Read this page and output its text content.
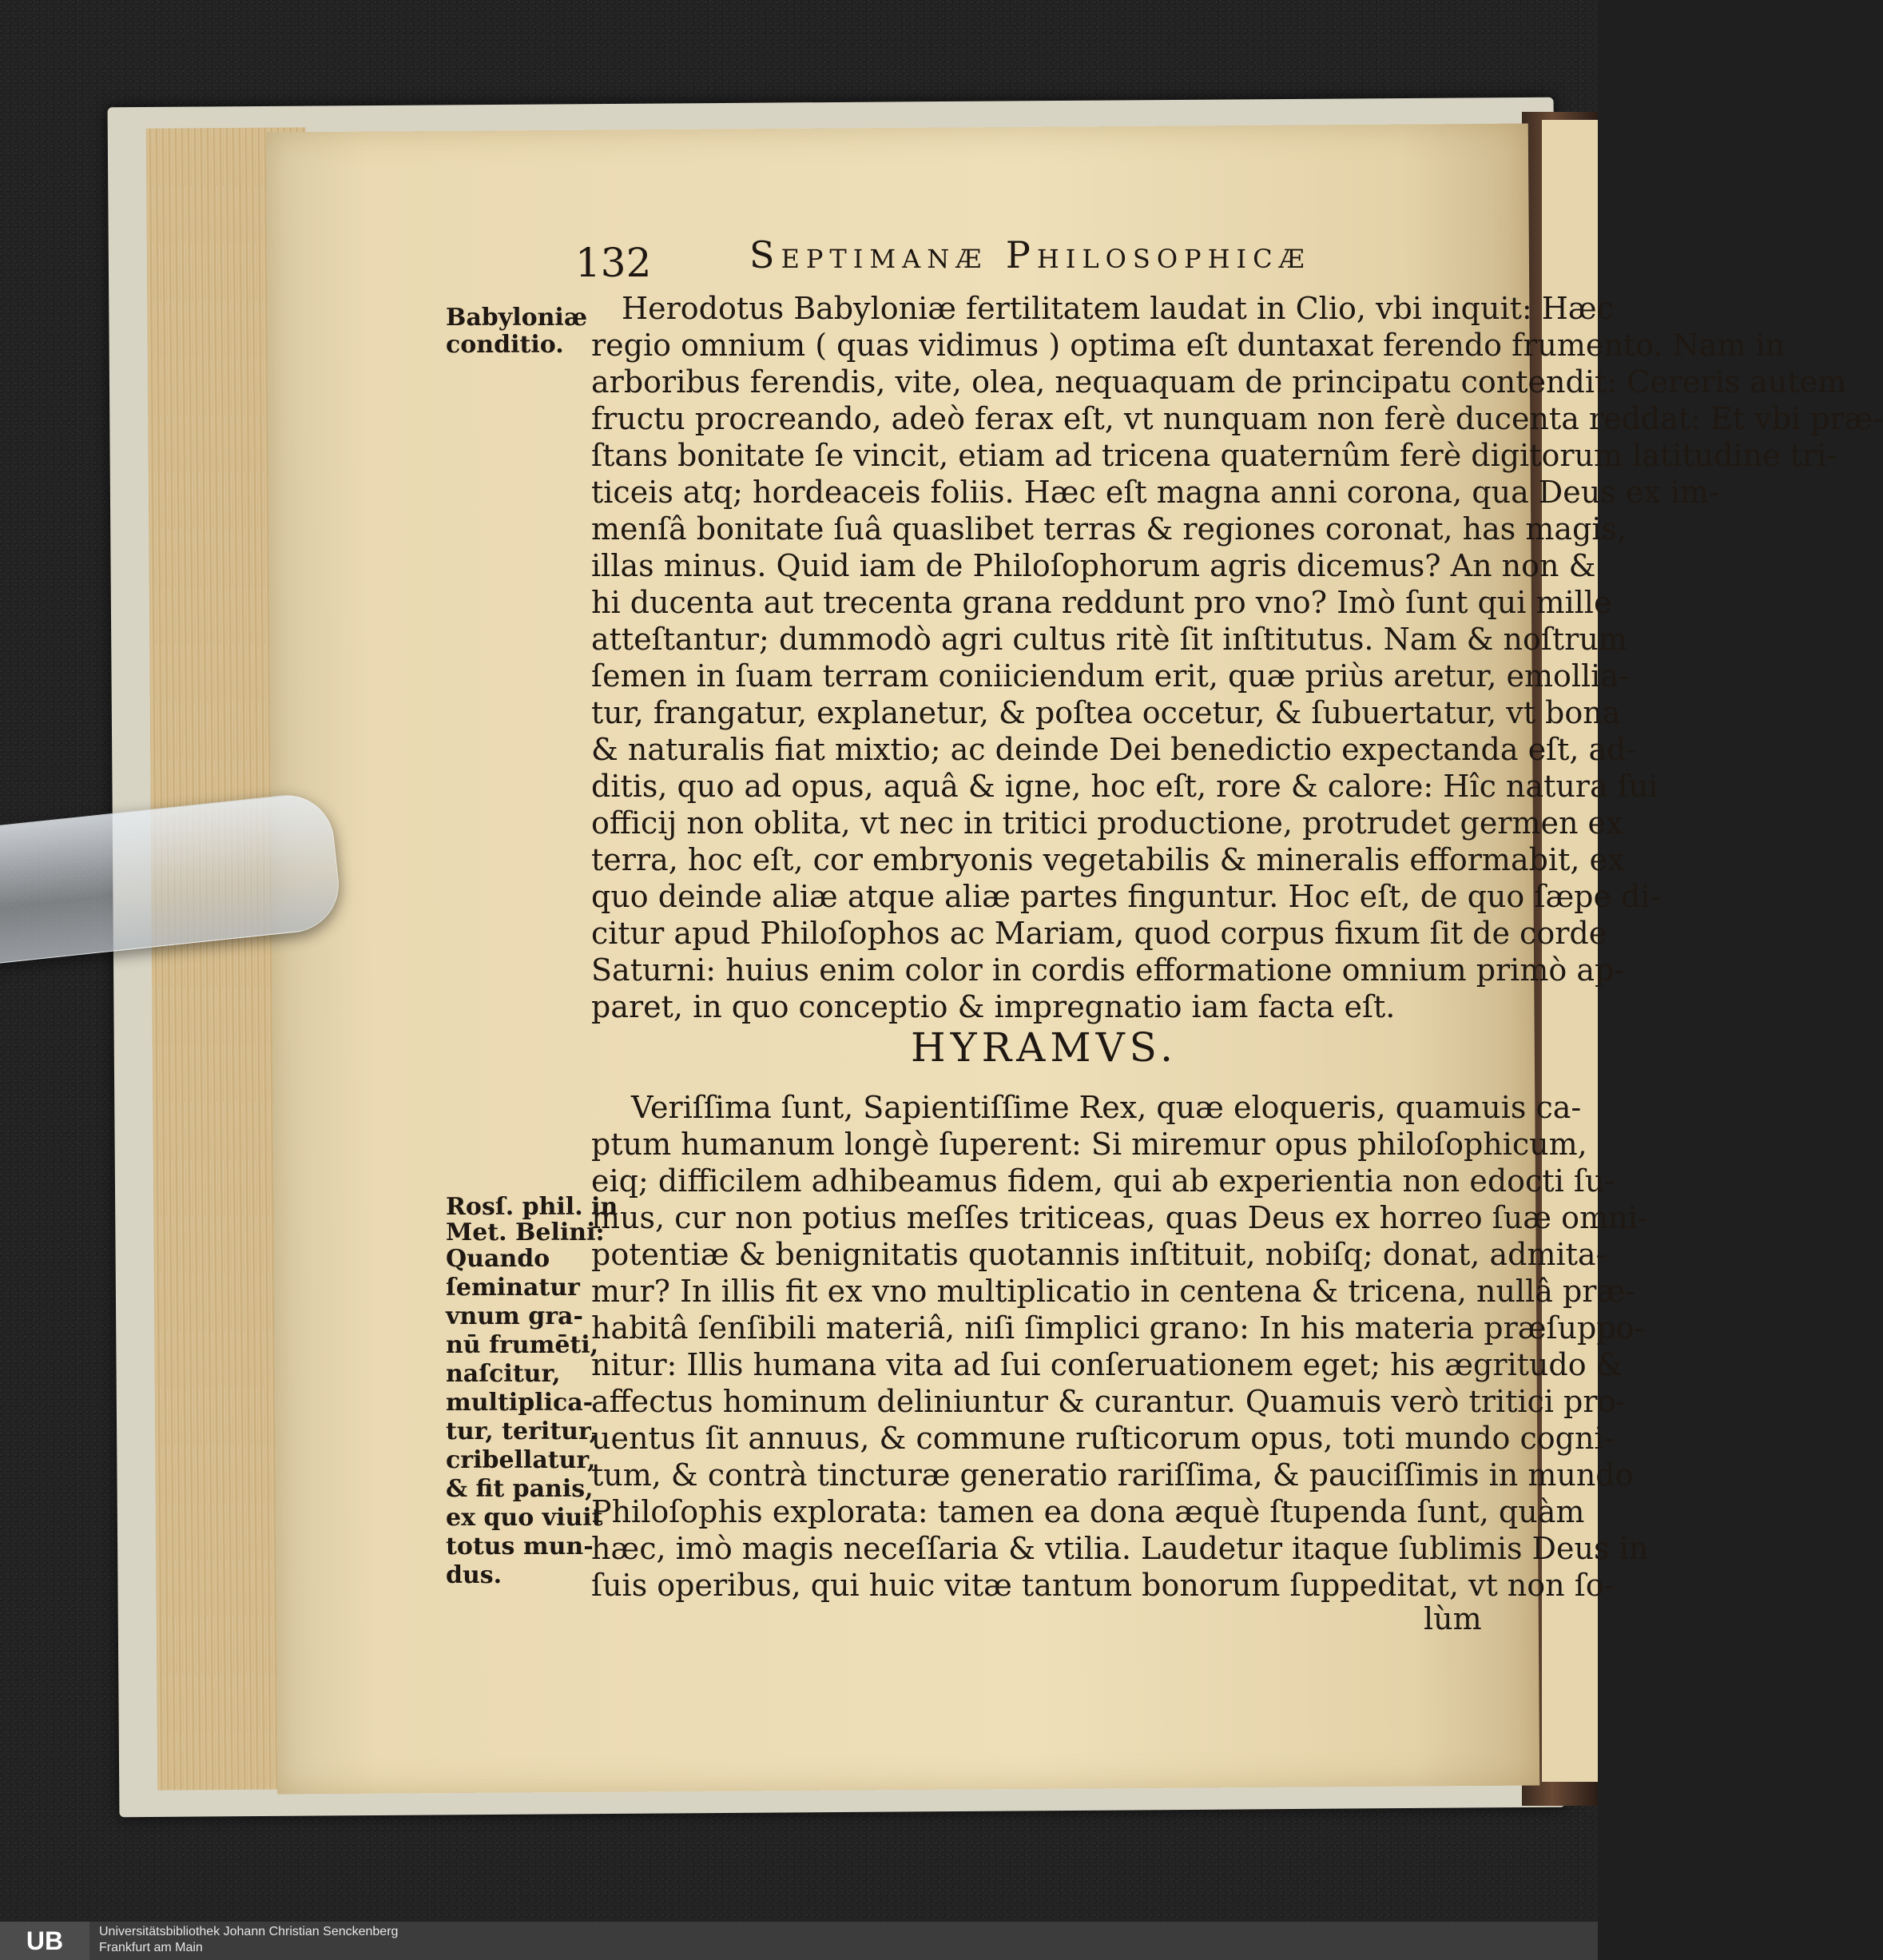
132	Septimanæ Philosophicæ
Babyloniæ
conditio.
Rosſ. phil. in
Met. Belini:
Quando
ſeminatur
vnum gra-
nū frumēti,
naſcitur,
multiplica-
tur, teritur,
cribellatur,
& fit panis,
ex quo viuit
totus mun-
dus.
Herodotus Babyloniæ fertilitatem laudat in Clio, vbi inquit: Hæc
regio omnium ( quas vidimus ) optima eſt duntaxat ferendo frumento. Nam in
arboribus ferendis, vite, olea, nequaquam de principatu contendit: Cereris autem
fructu procreando, adeò ferax eſt, vt nunquam non ferè ducenta reddat: Et vbi præ-
ſtans bonitate ſe vincit, etiam ad tricena quaternûm ferè digitorum latitudine tri-
ticeis atq; hordeaceis foliis. Hæc eſt magna anni corona, qua Deus ex im-
menſâ bonitate ſuâ quaslibet terras & regiones coronat, has magis,
illas minus. Quid iam de Philoſophorum agris dicemus? An non &
hi ducenta aut trecenta grana reddunt pro vno? Imò ſunt qui mille
atteſtantur; dummodò agri cultus ritè ſit inſtitutus. Nam & noſtrum
ſemen in ſuam terram coniiciendum erit, quæ priùs aretur, emollia-
tur, frangatur, explanetur, & poſtea occetur, & ſubuertatur, vt bona
& naturalis fiat mixtio; ac deinde Dei benedictio expectanda eſt, ad-
ditis, quo ad opus, aquâ & igne, hoc eſt, rore & calore: Hîc natura ſui
officij non oblita, vt nec in tritici productione, protrudet germen ex
terra, hoc eſt, cor embryonis vegetabilis & mineralis efformabit, ex
quo deinde aliæ atque aliæ partes finguntur. Hoc eſt, de quo ſæpe di-
citur apud Philoſophos ac Mariam, quod corpus fixum ſit de corde
Saturni: huius enim color in cordis efformatione omnium primò ap-
paret, in quo conceptio & impregnatio iam facta eſt.
HYRAMVS.
Veriſſima ſunt, Sapientiſſime Rex, quæ eloqueris, quamuis ca-
ptum humanum longè ſuperent: Si miremur opus philoſophicum,
eiq; difficilem adhibeamus fidem, qui ab experientia non edocti ſu-
mus, cur non potius meſſes triticeas, quas Deus ex horreo ſuæ omni-
potentiæ & benignitatis quotannis inſtituit, nobiſq; donat, admita-
mur? In illis fit ex vno multiplicatio in centena & tricena, nullâ præ-
habitâ ſenſibili materiâ, niſi ſimplici grano: In his materia præſuppo-
nitur: Illis humana vita ad ſui conſeruationem eget; his ægritudo &
affectus hominum deliniuntur & curantur. Quamuis verò tritici pro-
uentus ſit annuus, & commune ruſticorum opus, toti mundo cogni-
tum, & contrà tincturæ generatio rariſſima, & pauciſſimis in mundo
Philoſophis explorata: tamen ea dona æquè ſtupenda ſunt, quàm
hæc, imò magis neceſſaria & vtilia. Laudetur itaque ſublimis Deus in
ſuis operibus, qui huic vitæ tantum bonorum ſuppeditat, vt non ſo-
lùm
UB	Universitätsbibliothek Johann Christian Senckenberg
Frankfurt am Main
